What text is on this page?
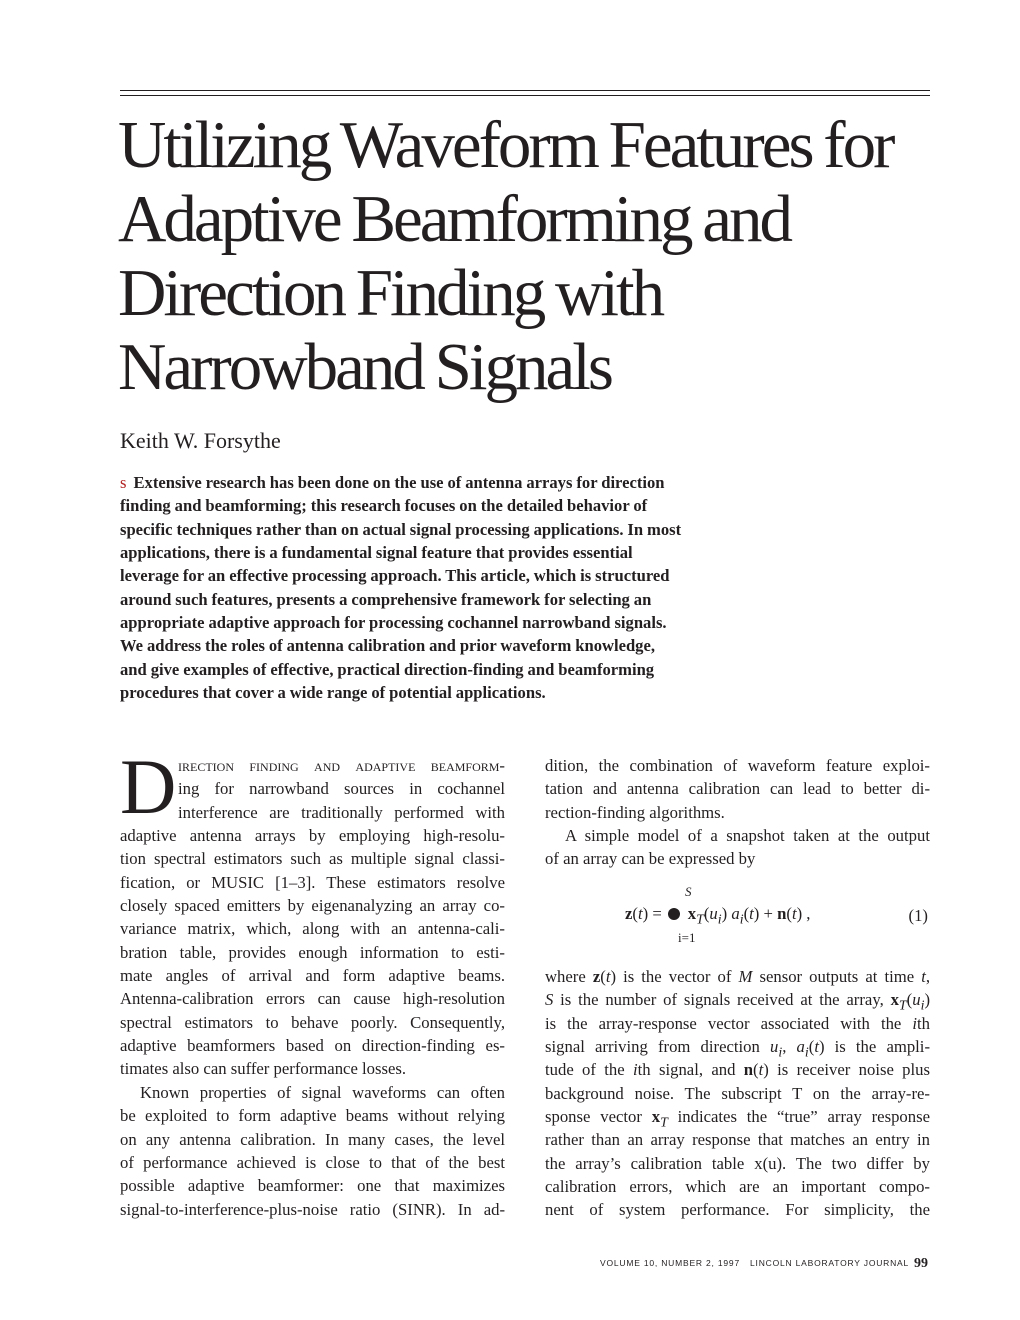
Utilizing Waveform Features for
Adaptive Beamforming and
Direction Finding with
Narrowband Signals

Keith W. Forsythe

s Extensive research has been done on the use of antenna arrays for direction
finding and beamforming; this research focuses on the detailed behavior of
specific techniques rather than on actual signal processing applications. In most
applications, there is a fundamental signal feature that provides essential
leverage for an effective processing approach. This article, which is structured
around such features, presents a comprehensive framework for selecting an
appropriate adaptive approach for processing cochannel narrowband signals.
We address the roles of antenna calibration and prior waveform knowledge,
and give examples of effective, practical direction-finding and beamforming
procedures that cover a wide range of potential applications.
D irection finding and adaptive beamform-
ing for narrowband sources in cochannel
interference are traditionally performed with
adaptive antenna arrays by employing high-resolu-
tion spectral estimators such as multiple signal classi-
fication, or MUSIC [1–3]. These estimators resolve
closely spaced emitters by eigenanalyzing an array co-
variance matrix, which, along with an antenna-cali-
bration table, provides enough information to esti-
mate angles of arrival and form adaptive beams.
Antenna-calibration errors can cause high-resolution
spectral estimators to behave poorly. Consequently,
adaptive beamformers based on direction-finding es-
timates also can suffer performance losses.
Known properties of signal waveforms can often
be exploited to form adaptive beams without relying
on any antenna calibration. In many cases, the level
of performance achieved is close to that of the best
possible adaptive beamformer: one that maximizes
signal-to-interference-plus-noise ratio (SINR). In ad-
dition, the combination of waveform feature exploi-
tation and antenna calibration can lead to better di-
rection-finding algorithms.
A simple model of a snapshot taken at the output
of an array can be expressed by
S
$z(t) = x_T(u_i) a_i(t) + n(t)$ ,
i=1
(1)
where z(t) is the vector of M sensor outputs at time t,
S is the number of signals received at the array, $x_T(u_i)$
is the array-response vector associated with the ith
signal arriving from direction $u_i$, $a_i(t)$ is the ampli-
tude of the ith signal, and n(t) is receiver noise plus
background noise. The subscript T on the array-re-
sponse vector $x_T$ indicates the “true” array response
rather than an array response that matches an entry in
the array’s calibration table x(u). The two differ by
calibration errors, which are an important compo-
nent of system performance. For simplicity, the
VOLUME 10, NUMBER 2, 1997 LINCOLN LABORATORY JOURNAL 99
